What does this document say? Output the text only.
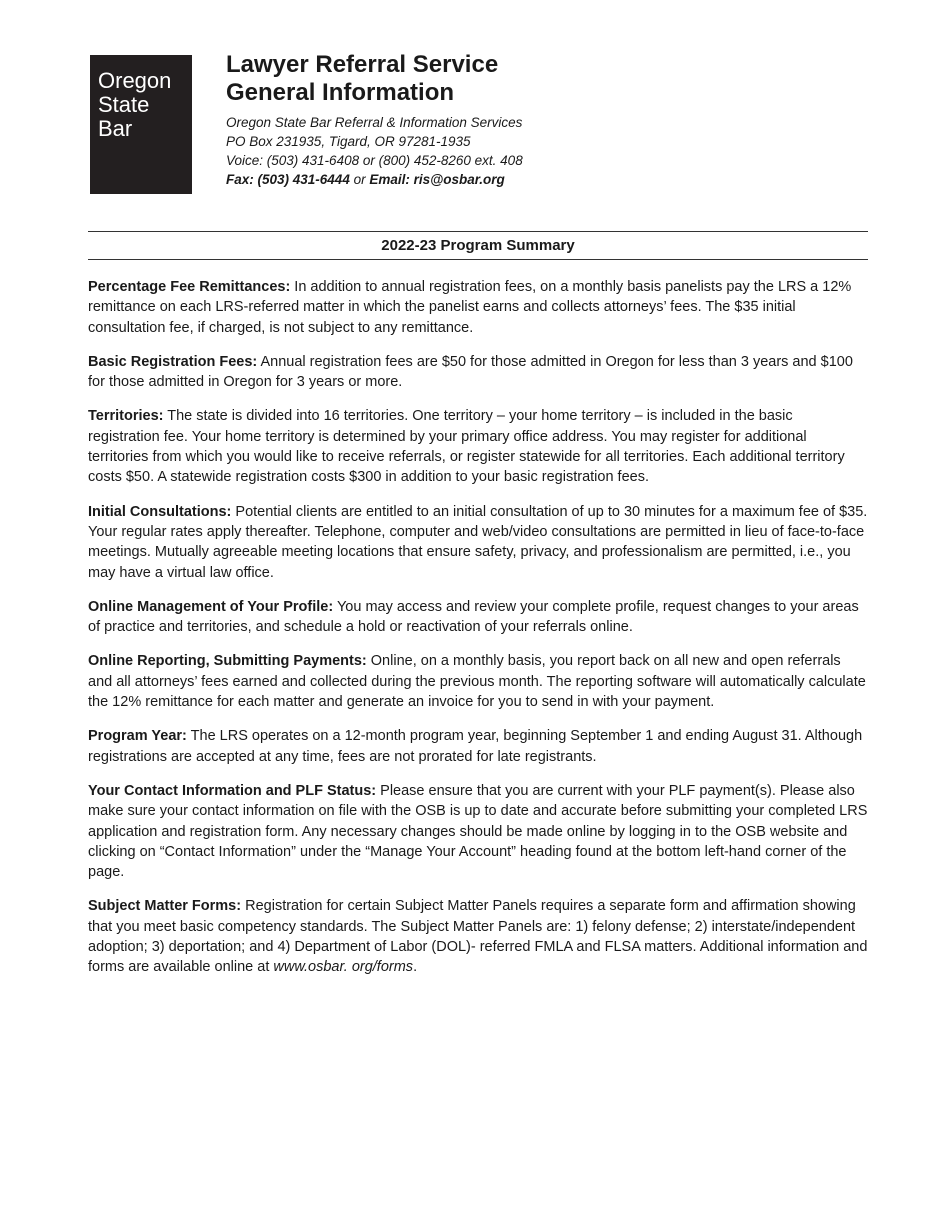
Oregon
State
Bar
Lawyer Referral Service
General Information
Oregon State Bar Referral & Information Services
PO Box 231935, Tigard, OR 97281-1935
Voice: (503) 431-6408 or (800) 452-8260 ext. 408
Fax: (503) 431-6444 or Email: ris@osbar.org
2022-23 Program Summary

Percentage Fee Remittances: In addition to annual registration fees, on a monthly basis panelists pay the LRS a 12% remittance on each LRS-referred matter in which the panelist earns and collects attorneys’ fees. The $35 initial consultation fee, if charged, is not subject to any remittance.

Basic Registration Fees: Annual registration fees are $50 for those admitted in Oregon for less than 3 years and $100 for those admitted in Oregon for 3 years or more.

Territories: The state is divided into 16 territories. One territory – your home territory – is included in the basic registration fee. Your home territory is determined by your primary office address. You may register for additional territories from which you would like to receive referrals, or register statewide for all territories. Each additional territory costs $50. A statewide registration costs $300 in addition to your basic registration fees.

Initial Consultations: Potential clients are entitled to an initial consultation of up to 30 minutes for a maximum fee of $35. Your regular rates apply thereafter. Telephone, computer and web/video consultations are permitted in lieu of face-to-face meetings. Mutually agreeable meeting locations that ensure safety, privacy, and professionalism are permitted, i.e., you may have a virtual law office.

Online Management of Your Profile: You may access and review your complete profile, request changes to your areas of practice and territories, and schedule a hold or reactivation of your referrals online.

Online Reporting, Submitting Payments: Online, on a monthly basis, you report back on all new and open referrals and all attorneys’ fees earned and collected during the previous month. The reporting software will automatically calculate the 12% remittance for each matter and generate an invoice for you to send in with your payment.

Program Year: The LRS operates on a 12-month program year, beginning September 1 and ending August 31. Although registrations are accepted at any time, fees are not prorated for late registrants.

Your Contact Information and PLF Status: Please ensure that you are current with your PLF payment(s). Please also make sure your contact information on file with the OSB is up to date and accurate before submitting your completed LRS application and registration form. Any necessary changes should be made online by logging in to the OSB website and clicking on “Contact Information” under the “Manage Your Account” heading found at the bottom left-hand corner of the page.

Subject Matter Forms: Registration for certain Subject Matter Panels requires a separate form and affirmation showing that you meet basic competency standards. The Subject Matter Panels are: 1) felony defense; 2) interstate/independent adoption; 3) deportation; and 4) Department of Labor (DOL)- referred FMLA and FLSA matters. Additional information and forms are available online at www.osbar. org/forms.
